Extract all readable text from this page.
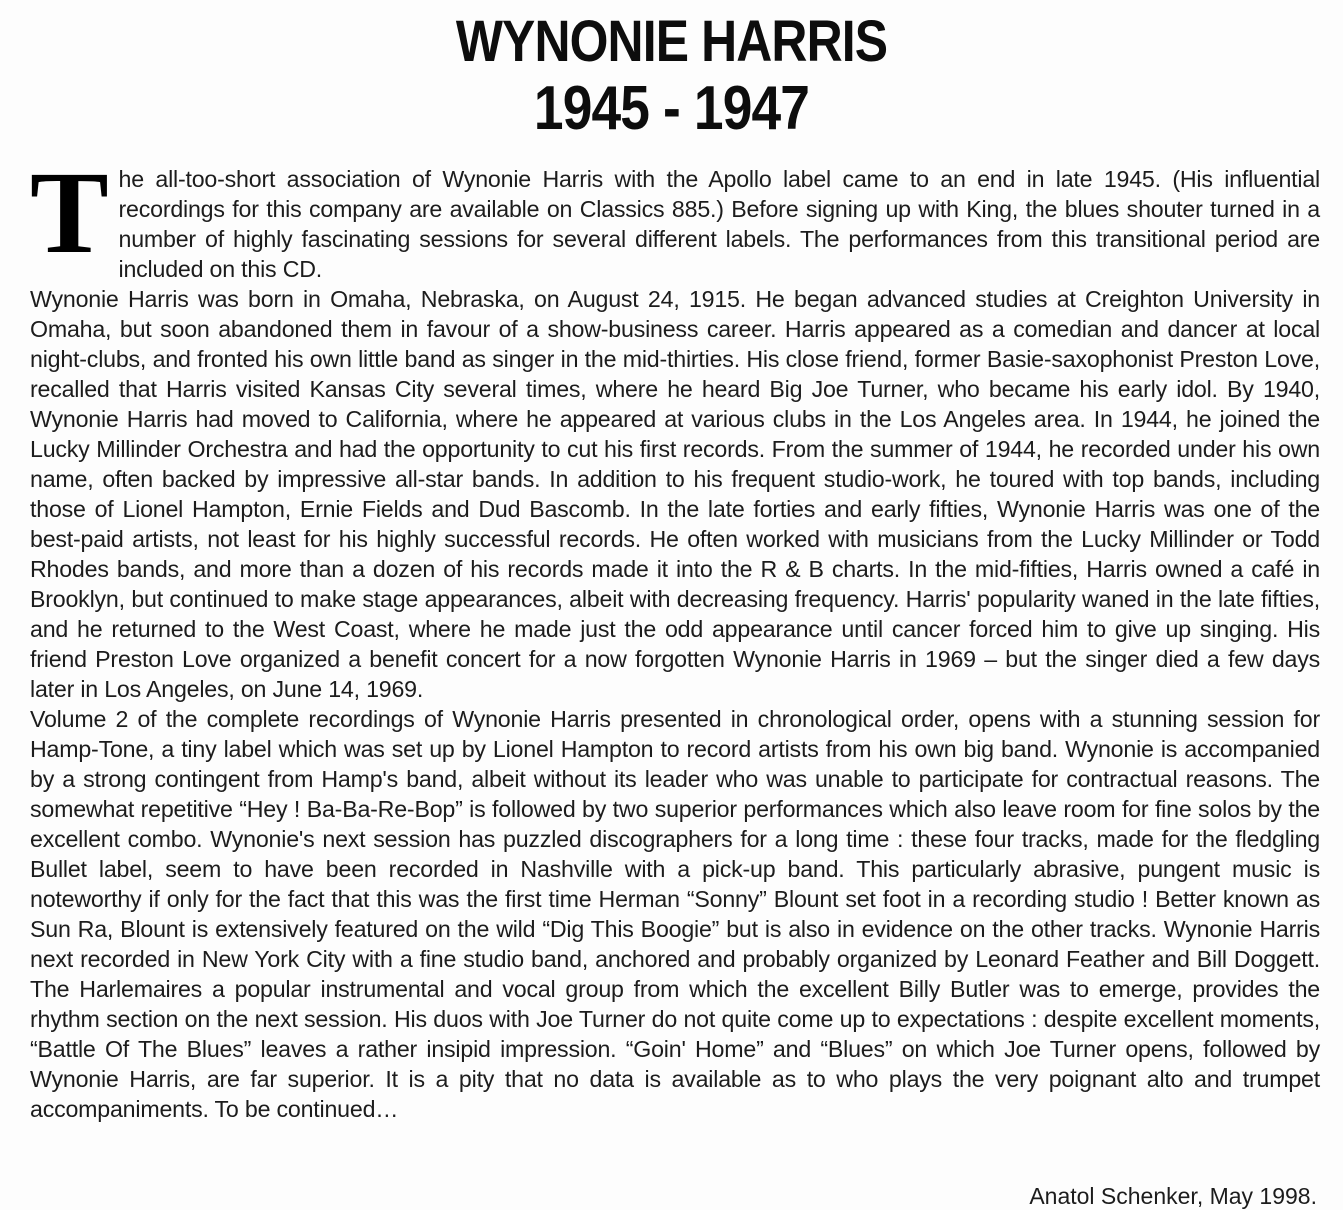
WYNONIE HARRIS
1945 - 1947

The all-too-short association of Wynonie Harris with the Apollo label came to an end in late 1945. (His influential recordings for this company are available on Classics 885.) Before signing up with King, the blues shouter turned in a number of highly fascinating sessions for several different labels. The performances from this transitional period are included on this CD.

Wynonie Harris was born in Omaha, Nebraska, on August 24, 1915. He began advanced studies at Creighton University in Omaha, but soon abandoned them in favour of a show-business career. Harris appeared as a comedian and dancer at local night-clubs, and fronted his own little band as singer in the mid-thirties. His close friend, former Basie-saxophonist Preston Love, recalled that Harris visited Kansas City several times, where he heard Big Joe Turner, who became his early idol. By 1940, Wynonie Harris had moved to California, where he appeared at various clubs in the Los Angeles area. In 1944, he joined the Lucky Millinder Orchestra and had the opportunity to cut his first records. From the summer of 1944, he recorded under his own name, often backed by impressive all-star bands. In addition to his frequent studio-work, he toured with top bands, including those of Lionel Hampton, Ernie Fields and Dud Bascomb. In the late forties and early fifties, Wynonie Harris was one of the best-paid artists, not least for his highly successful records. He often worked with musicians from the Lucky Millinder or Todd Rhodes bands, and more than a dozen of his records made it into the R & B charts. In the mid-fifties, Harris owned a café in Brooklyn, but continued to make stage appearances, albeit with decreasing frequency. Harris' popularity waned in the late fifties, and he returned to the West Coast, where he made just the odd appearance until cancer forced him to give up singing. His friend Preston Love organized a benefit concert for a now forgotten Wynonie Harris in 1969 – but the singer died a few days later in Los Angeles, on June 14, 1969.

Volume 2 of the complete recordings of Wynonie Harris presented in chronological order, opens with a stunning session for Hamp-Tone, a tiny label which was set up by Lionel Hampton to record artists from his own big band. Wynonie is accompanied by a strong contingent from Hamp's band, albeit without its leader who was unable to participate for contractual reasons. The somewhat repetitive “Hey ! Ba-Ba-Re-Bop” is followed by two superior performances which also leave room for fine solos by the excellent combo. Wynonie's next session has puzzled discographers for a long time : these four tracks, made for the fledgling Bullet label, seem to have been recorded in Nashville with a pick-up band. This particularly abrasive, pungent music is noteworthy if only for the fact that this was the first time Herman “Sonny” Blount set foot in a recording studio ! Better known as Sun Ra, Blount is extensively featured on the wild “Dig This Boogie” but is also in evidence on the other tracks. Wynonie Harris next recorded in New York City with a fine studio band, anchored and probably organized by Leonard Feather and Bill Doggett. The Harlemaires a popular instrumental and vocal group from which the excellent Billy Butler was to emerge, provides the rhythm section on the next session. His duos with Joe Turner do not quite come up to expectations : despite excellent moments, “Battle Of The Blues” leaves a rather insipid impression. “Goin' Home” and “Blues” on which Joe Turner opens, followed by Wynonie Harris, are far superior. It is a pity that no data is available as to who plays the very poignant alto and trumpet accompaniments. To be continued…

Anatol Schenker, May 1998.
